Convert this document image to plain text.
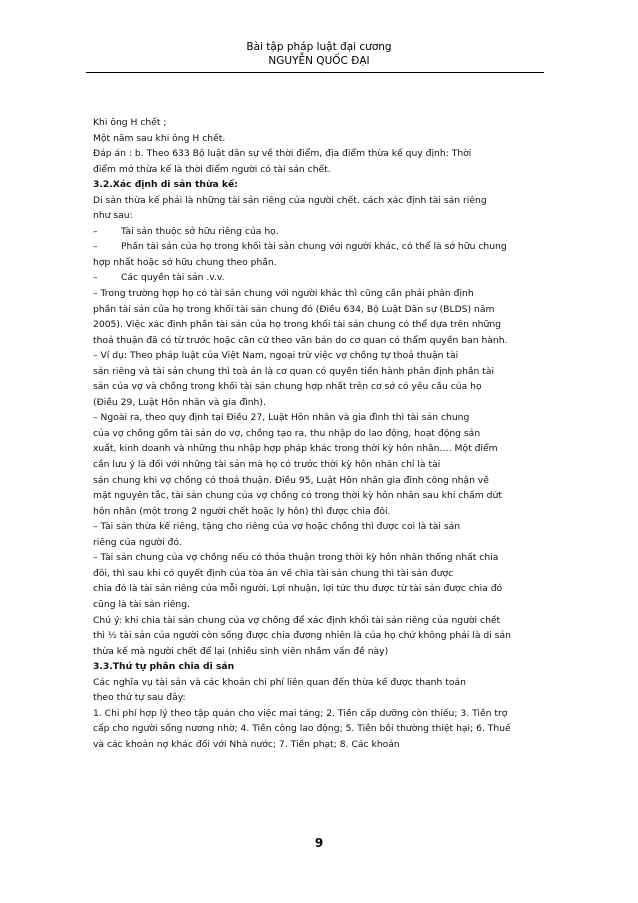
Bài tập pháp luật đại cương
NGUYỄN QUỐC ĐẠI
Khi ông H chết ;
Một năm sau khi ông H chết.
Đáp án : b. Theo 633 Bộ luật dân sự về thời điểm, địa điểm thừa kế quy định: Thời
điểm mở thừa kế là thời điểm người có tài sản chết.
3.2.Xác định di sản thừa kế:
Di sản thừa kế phải là những tài sản riêng của người chết. cách xác định tài sản riêng
như sau:
–	Tài sản thuộc sở hữu riêng của họ.
–	Phần tài sản của họ trong khối tài sản chung với người khác, có thể là sở hữu chung
hợp nhất hoặc sở hữu chung theo phần.
–	Các quyền tài sản .v.v.
– Trong trường hợp họ có tài sản chung với người khác thì cũng cần phải phân định
phần tài sản của họ trong khối tài sản chung đó (Điều 634, Bộ Luật Dân sự (BLDS) năm
2005). Việc xác định phần tài sản của họ trong khối tài sản chung có thể dựa trên những
thoả thuận đã có từ trước hoặc căn cứ theo văn bản do cơ quan có thẩm quyền ban hành.
– Ví dụ: Theo pháp luật của Việt Nam, ngoại trừ việc vợ chồng tự thoả thuận tài
sản riêng và tài sản chung thì toà án là cơ quan có quyền tiến hành phân định phần tài
sản của vợ và chồng trong khối tài sản chung hợp nhất trên cơ sở có yêu cầu của họ
(Điều 29, Luật Hôn nhân và gia đình).
– Ngoài ra, theo quy định tại Điều 27, Luật Hôn nhân và gia đình thì tài sản chung
của vợ chồng gồm tài sản do vợ, chồng tạo ra, thu nhập do lao động, hoạt động sản
xuất, kinh doanh và những thu nhập hợp pháp khác trong thời kỳ hôn nhân…. Một điểm
cần lưu ý là đối với những tài sản mà họ có trước thời kỳ hôn nhân chỉ là tài
sản chung khi vợ chồng có thoả thuận. Điều 95, Luật Hôn nhân gia đình công nhận về
mặt nguyên tắc, tài sản chung của vợ chồng có trong thời kỳ hôn nhân sau khi chấm dứt
hôn nhân (một trong 2 người chết hoặc ly hôn) thì được chia đôi.
– Tài sản thừa kế riêng, tặng cho riêng của vợ hoặc chồng thì được coi là tài sản
riêng của người đó.
– Tài sản chung của vợ chồng nếu có thỏa thuận trong thời kỳ hôn nhân thống nhất chia
đôi, thì sau khi có quyết định của tòa án về chia tài sản chung thì tài sản được
chia đó là tài sản riêng của mỗi người. Lợi nhuận, lợi tức thu được từ tài sản được chia đó
cũng là tài sản riêng.
Chú ý: khi chia tài sản chung của vợ chồng để xác định khối tài sản riêng của người chết
thì ½ tài sản của người còn sống được chia đương nhiên là của họ chứ không phải là di sản
thừa kế mà người chết để lại (nhiều sinh viên nhầm vấn đề này)
3.3.Thứ tự phân chia di sản
Các nghĩa vụ tài sản và các khoản chi phí liên quan đến thừa kế được thanh toán
theo thứ tự sau đây:
1. Chi phí hợp lý theo tập quán cho việc mai táng; 2. Tiền cấp dưỡng còn thiếu; 3. Tiền trợ
cấp cho người sống nương nhờ; 4. Tiền công lao động; 5. Tiền bồi thường thiệt hại; 6. Thuế
và các khoản nợ khác đối với Nhà nước; 7. Tiền phạt; 8. Các khoản
9
